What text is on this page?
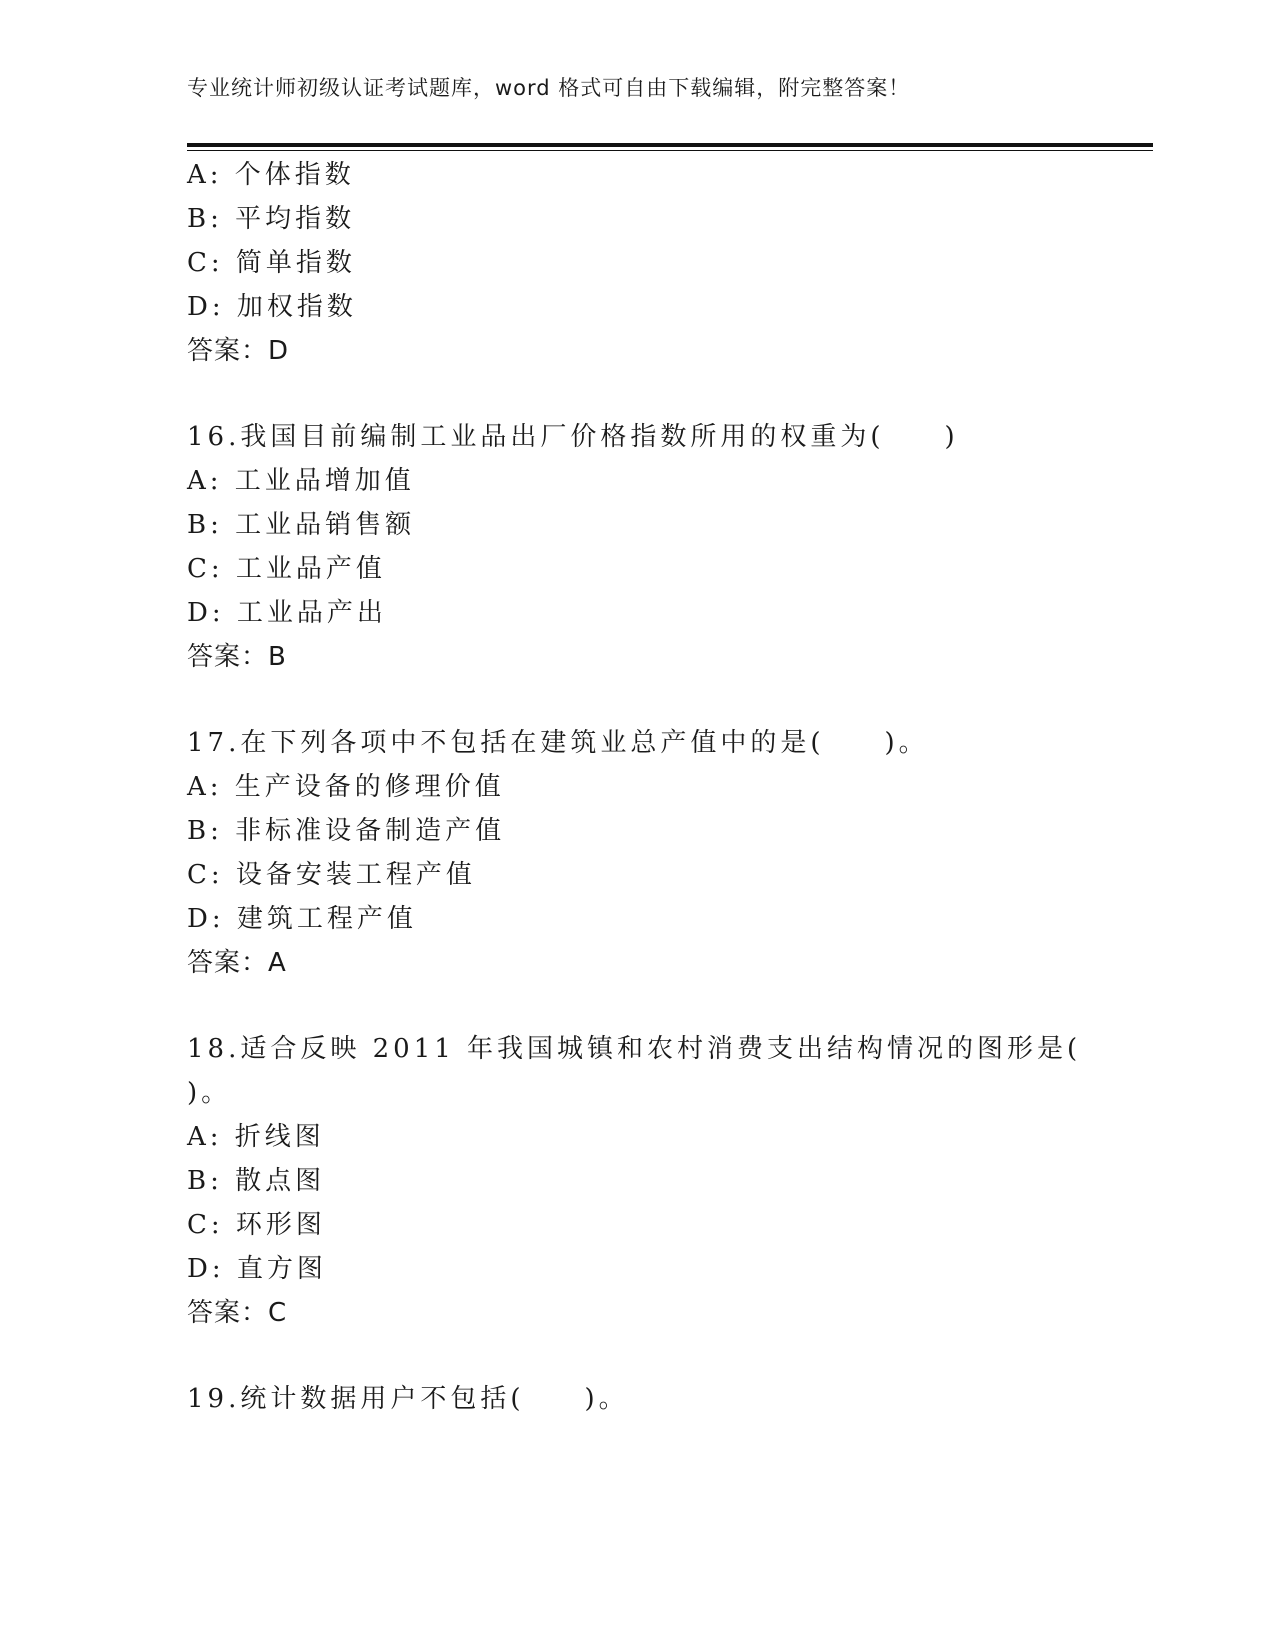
专业统计师初级认证考试题库，word 格式可自由下载编辑，附完整答案！
A: 个体指数
B: 平均指数
C: 简单指数
D: 加权指数
答案：D
16.我国目前编制工业品出厂价格指数所用的权重为(　　)
A: 工业品增加值
B: 工业品销售额
C: 工业品产值
D: 工业品产出
答案：B
17.在下列各项中不包括在建筑业总产值中的是(　　)。
A: 生产设备的修理价值
B: 非标准设备制造产值
C: 设备安装工程产值
D: 建筑工程产值
答案：A
18.适合反映 2011 年我国城镇和农村消费支出结构情况的图形是(
)。
A: 折线图
B: 散点图
C: 环形图
D: 直方图
答案：C
19.统计数据用户不包括(　　)。
